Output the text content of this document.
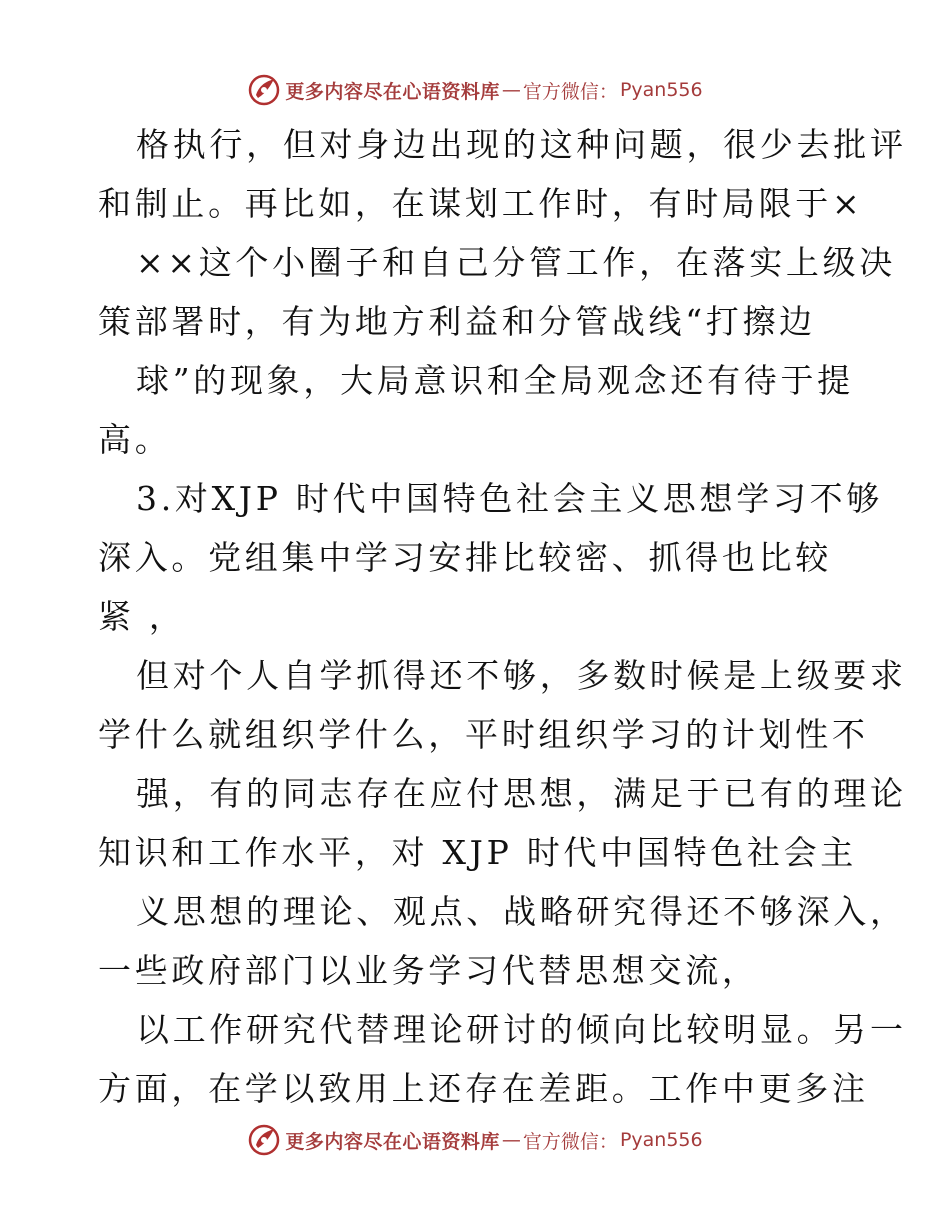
更多内容尽在心语资料库 — 官方微信： Pyan556
格执行，但对身边出现的这种问题，很少去批评
和制止。再比如，在谋划工作时，有时局限于×
××这个小圈子和自己分管工作，在落实上级决
策部署时，有为地方利益和分管战线“打擦边
球”的现象，大局意识和全局观念还有待于提
高。
3.对XJP 时代中国特色社会主义思想学习不够
深入。党组集中学习安排比较密、抓得也比较
紧 ，
但对个人自学抓得还不够，多数时候是上级要求
学什么就组织学什么，平时组织学习的计划性不
强，有的同志存在应付思想，满足于已有的理论
知识和工作水平，对 XJP 时代中国特色社会主
义思想的理论、观点、战略研究得还不够深入，
一些政府部门以业务学习代替思想交流，
以工作研究代替理论研讨的倾向比较明显。另一
方面，在学以致用上还存在差距。工作中更多注
更多内容尽在心语资料库 — 官方微信： Pyan556
